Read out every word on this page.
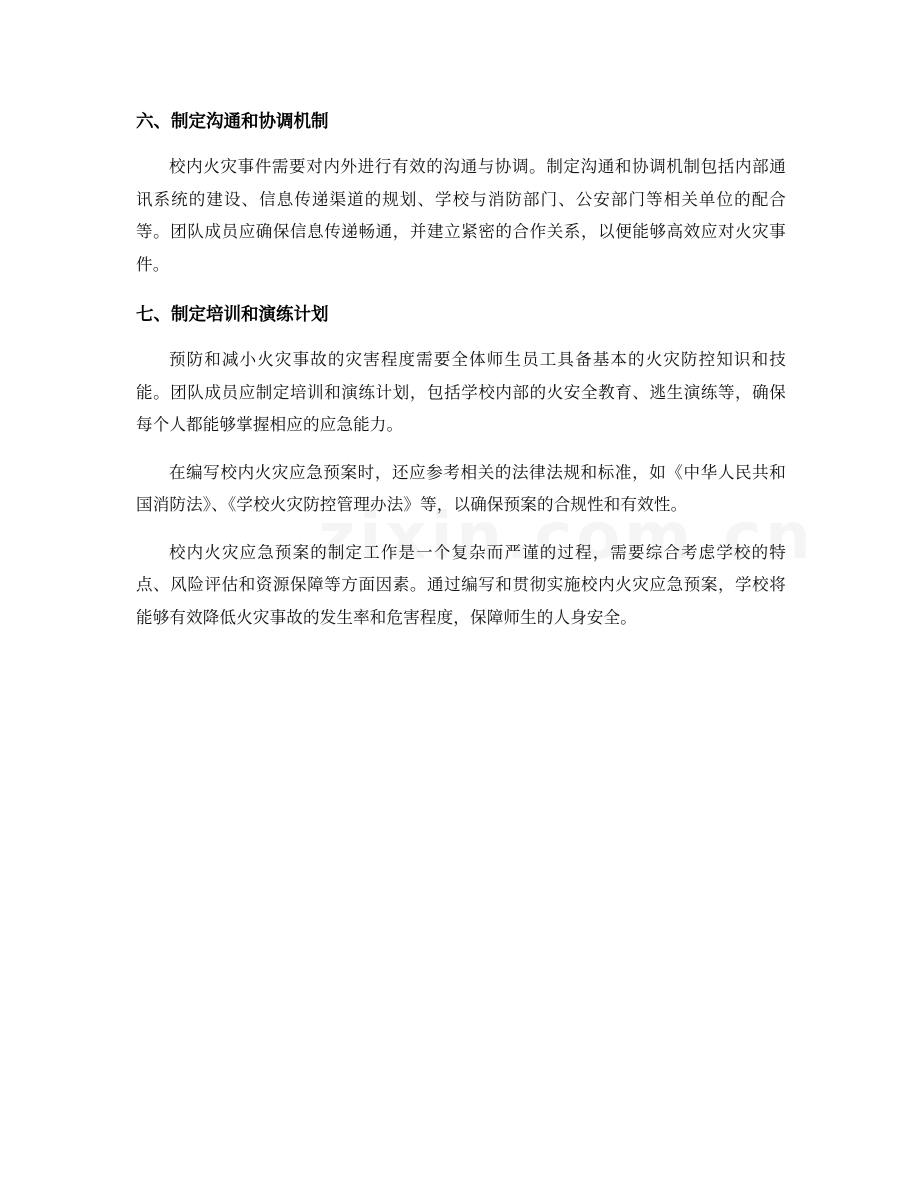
六、制定沟通和协调机制

校内火灾事件需要对内外进行有效的沟通与协调。制定沟通和协调机制包括内部通讯系统的建设、信息传递渠道的规划、学校与消防部门、公安部门等相关单位的配合等。团队成员应确保信息传递畅通，并建立紧密的合作关系，以便能够高效应对火灾事件。

七、制定培训和演练计划

预防和减小火灾事故的灾害程度需要全体师生员工具备基本的火灾防控知识和技能。团队成员应制定培训和演练计划，包括学校内部的火安全教育、逃生演练等，确保每个人都能够掌握相应的应急能力。

在编写校内火灾应急预案时，还应参考相关的法律法规和标准，如《中华人民共和国消防法》、《学校火灾防控管理办法》等，以确保预案的合规性和有效性。

校内火灾应急预案的制定工作是一个复杂而严谨的过程，需要综合考虑学校的特点、风险评估和资源保障等方面因素。通过编写和贯彻实施校内火灾应急预案，学校将能够有效降低火灾事故的发生率和危害程度，保障师生的人身安全。
